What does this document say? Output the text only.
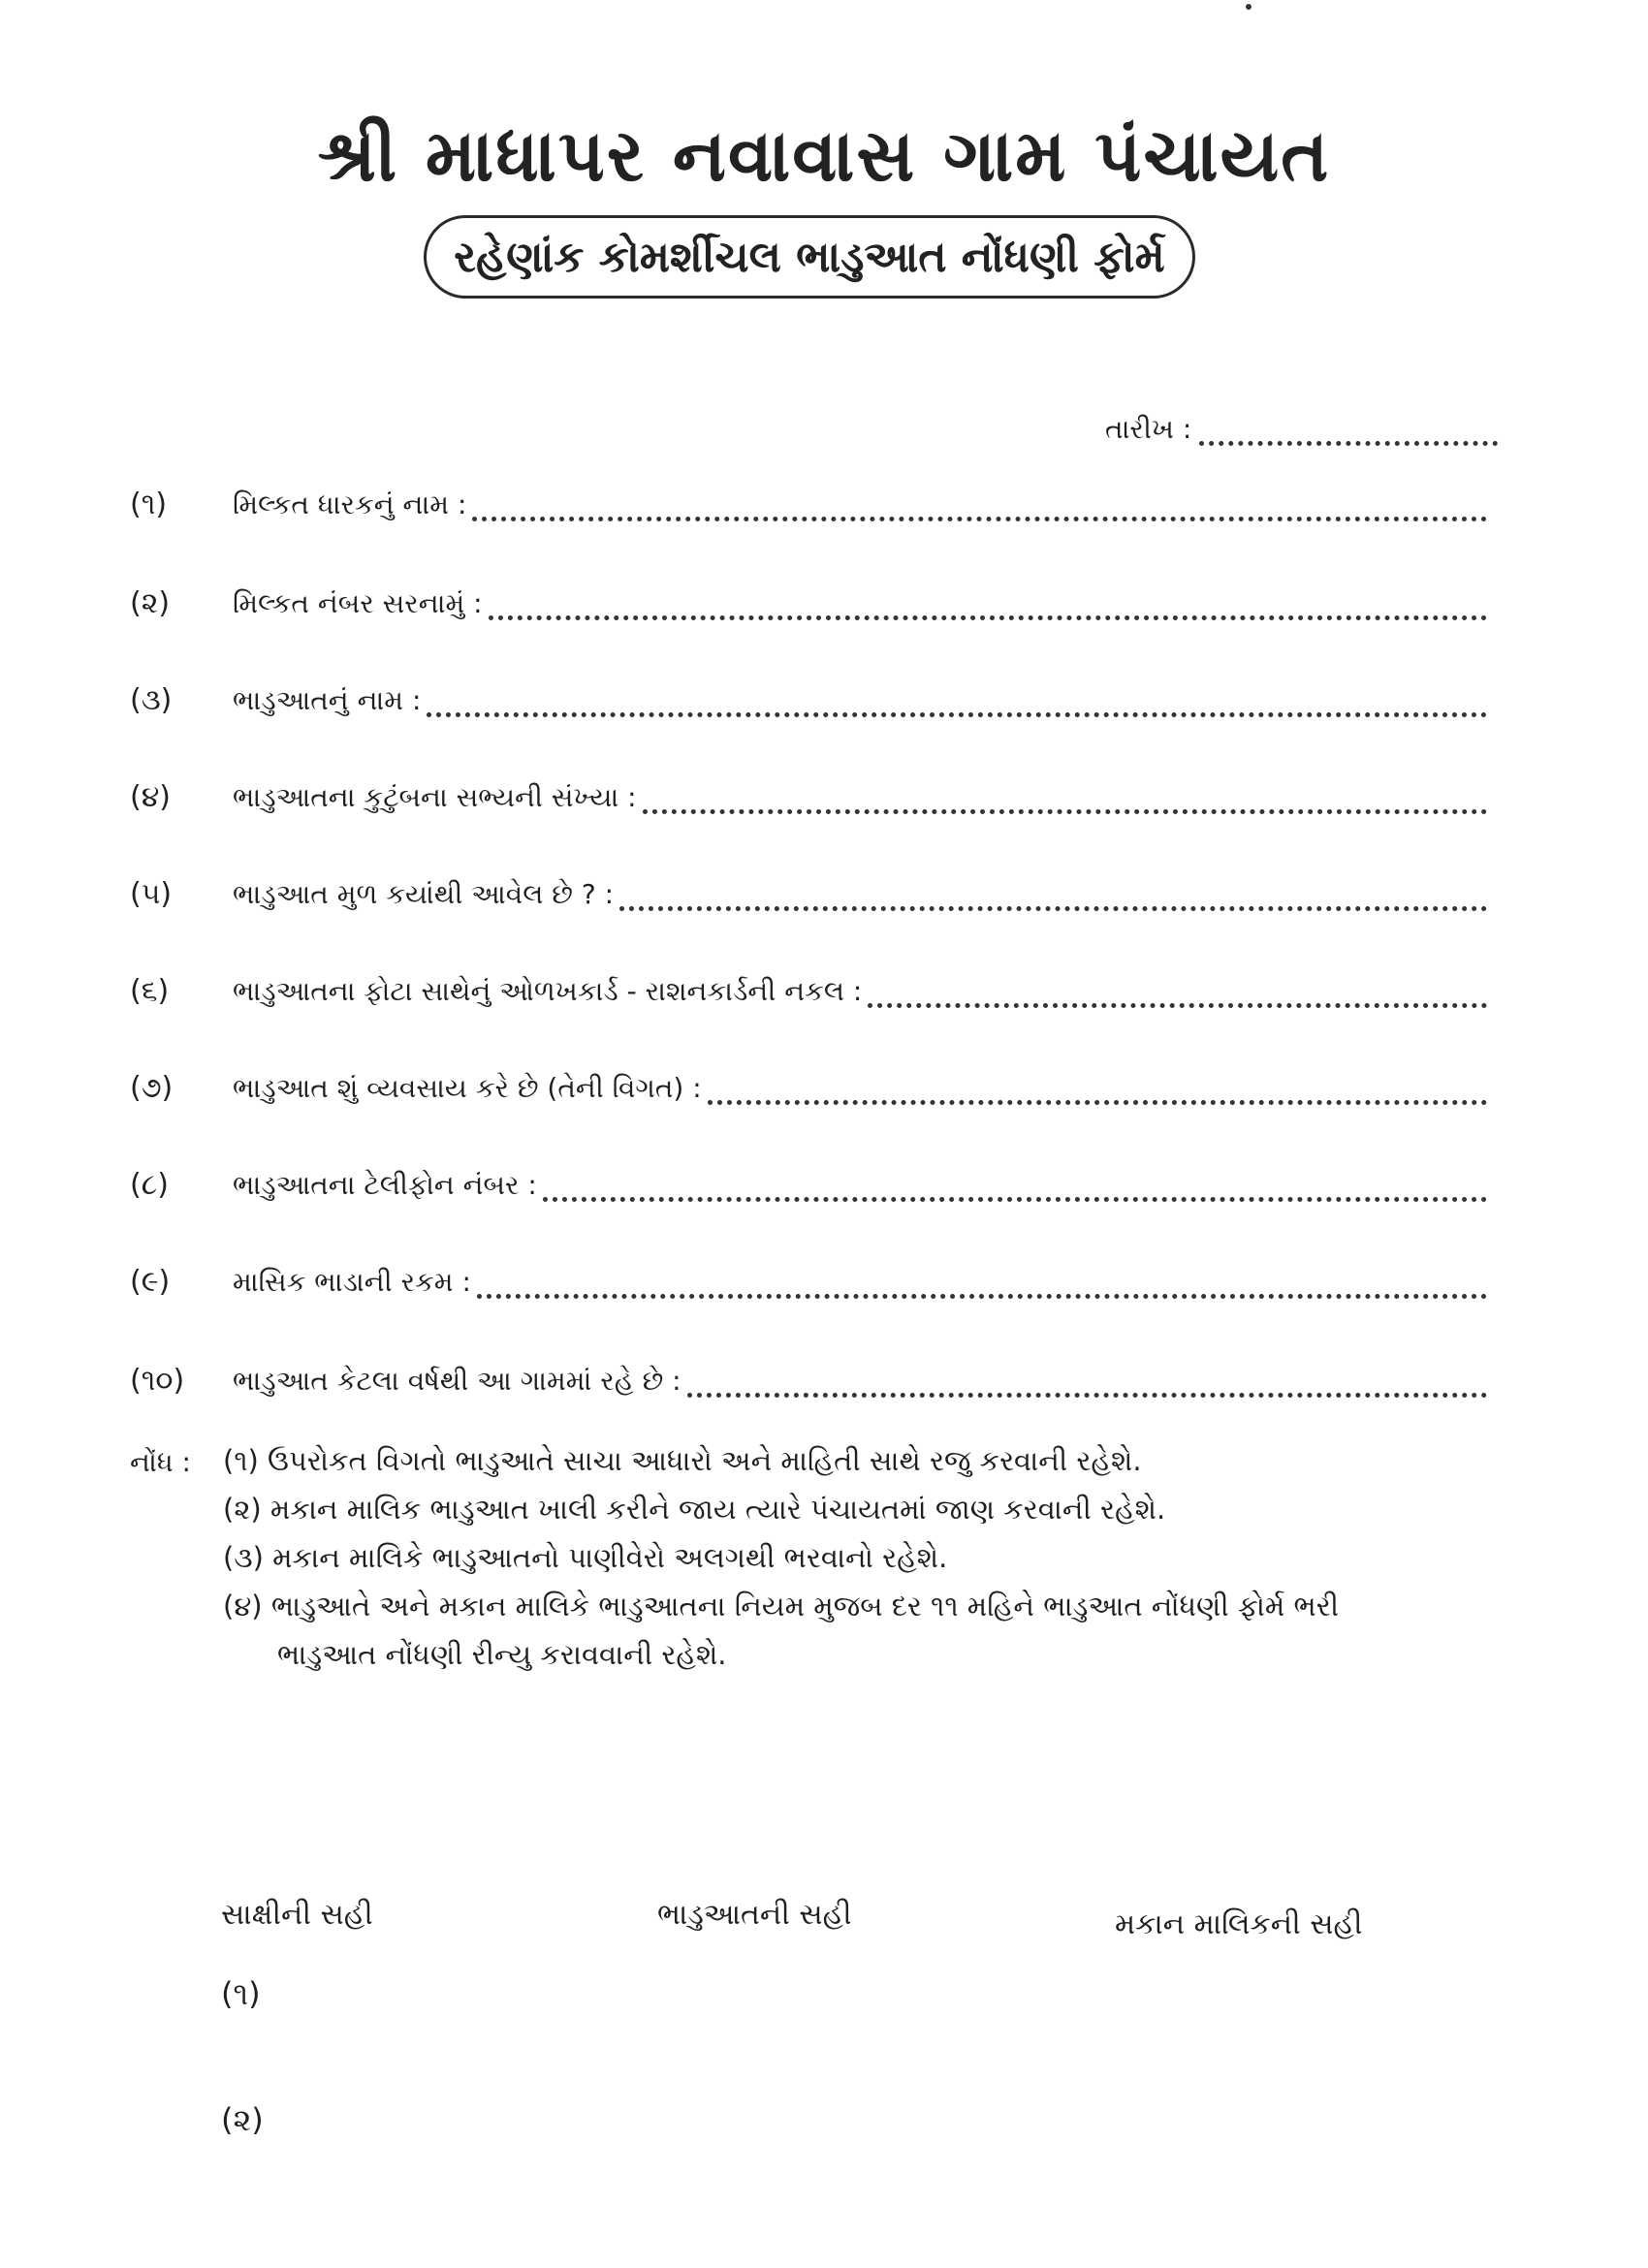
શ્રી માધાપર નવાવાસ ગામ પંચાયત
રહેણાંક કોમર્શીચલ ભાડુઆત નોંધણી ફોર્મ
તારીખ :
(૧)	મિલ્કત ધારકનું નામ :
(૨)	મિલ્કત નંબર સરનામું :
(૩)	ભાડુઆતનું નામ :
(૪)	ભાડુઆતના કુટુંબના સભ્યની સંખ્યા :
(૫)	ભાડુઆત મુળ કયાંથી આવેલ છે ? :
(૬)	ભાડુઆતના ફોટા સાથેનું ઓળખકાર્ડ - રાશનકાર્ડની નકલ :
(૭)	ભાડુઆત શું વ્યવસાય કરે છે (તેની વિગત) :
(૮)	ભાડુઆતના ટેલીફોન નંબર :
(૯)	માસિક ભાડાની રકમ :
(૧૦)	ભાડુઆત કેટલા વર્ષથી આ ગામમાં રહે છે :
નોંધ : (૧) ઉપરોકત વિગતો ભાડુઆતે સાચા આધારો અને માહિતી સાથે રજુ કરવાની રહેશે.
(૨) મકાન માલિક ભાડુઆત ખાલી કરીને જાય ત્યારે પંચાયતમાં જાણ કરવાની રહેશે.
(૩) મકાન માલિકે ભાડુઆતનો પાણીવેરો અલગથી ભરવાનો રહેશે.
(૪) ભાડુઆતે અને મકાન માલિકે ભાડુઆતના નિયમ મુજબ દર ૧૧ મહિને ભાડુઆત નોંધણી ફોર્મ ભરી
ભાડુઆત નોંધણી રીન્યુ કરાવવાની રહેશે.
સાક્ષીની સહી	ભાડુઆતની સહી	મકાન માલિકની સહી
(૧)
(૨)
